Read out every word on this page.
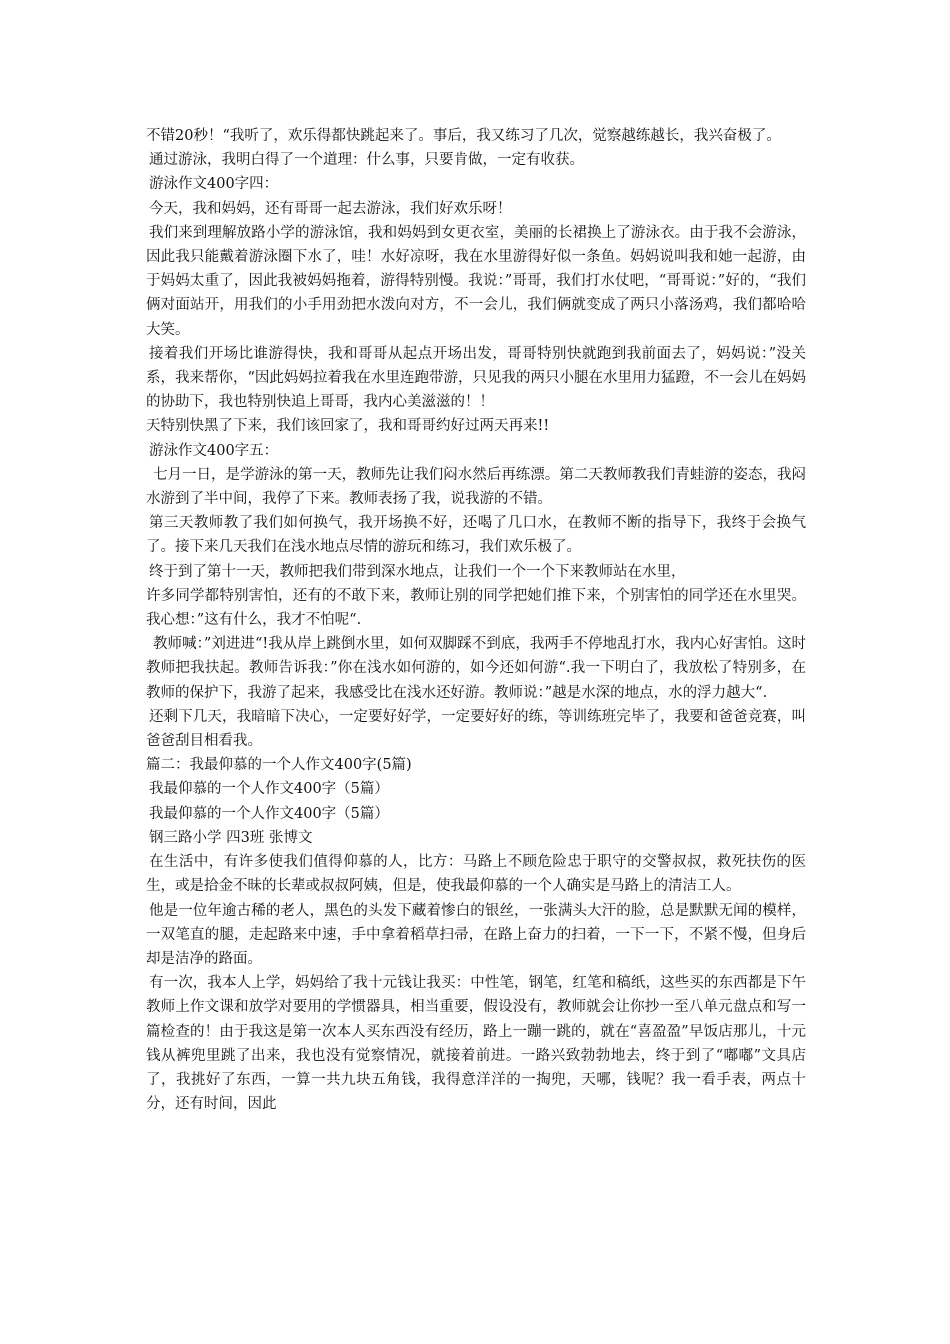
不错20秒！“我听了，欢乐得都快跳起来了。事后，我又练习了几次，觉察越练越长，我兴奋极了。

通过游泳，我明白得了一个道理：什么事，只要肯做，一定有收获。

游泳作文400字四：

今天，我和妈妈，还有哥哥一起去游泳，我们好欢乐呀！

我们来到理解放路小学的游泳馆，我和妈妈到女更衣室，美丽的长裙换上了游泳衣。由于我不会游泳，因此我只能戴着游泳圈下水了，哇！水好凉呀，我在水里游得好似一条鱼。妈妈说叫我和她一起游，由于妈妈太重了，因此我被妈妈拖着，游得特别慢。我说：”哥哥，我们打水仗吧，“哥哥说：”好的，“我们俩对面站开，用我们的小手用劲把水泼向对方，不一会儿，我们俩就变成了两只小落汤鸡，我们都哈哈大笑。

接着我们开场比谁游得快，我和哥哥从起点开场出发，哥哥特别快就跑到我前面去了，妈妈说：”没关系，我来帮你，“因此妈妈拉着我在水里连跑带游，只见我的两只小腿在水里用力猛蹬，不一会儿在妈妈的协助下，我也特别快追上哥哥，我内心美滋滋的！！

天特别快黑了下来，我们该回家了，我和哥哥约好过两天再来!!

游泳作文400字五：

七月一日，是学游泳的第一天，教师先让我们闷水然后再练漂。第二天教师教我们青蛙游的姿态，我闷水游到了半中间，我停了下来。教师表扬了我，说我游的不错。

第三天教师教了我们如何换气，我开场换不好，还喝了几口水，在教师不断的指导下，我终于会换气了。接下来几天我们在浅水地点尽情的游玩和练习，我们欢乐极了。

终于到了第十一天，教师把我们带到深水地点，让我们一个一个下来教师站在水里，

许多同学都特别害怕，还有的不敢下来，教师让别的同学把她们推下来，个别害怕的同学还在水里哭。我心想：”这有什么，我才不怕呢“.

教师喊：”刘进进“!我从岸上跳倒水里，如何双脚踩不到底，我两手不停地乱打水，我内心好害怕。这时教师把我扶起。教师告诉我：”你在浅水如何游的，如今还如何游“.我一下明白了，我放松了特别多，在教师的保护下，我游了起来，我感受比在浅水还好游。教师说：”越是水深的地点，水的浮力越大“.

还剩下几天，我暗暗下决心，一定要好好学，一定要好好的练，等训练班完毕了，我要和爸爸竞赛，叫爸爸刮目相看我。

篇二：我最仰慕的一个人作文400字(5篇)

我最仰慕的一个人作文400字（5篇）

我最仰慕的一个人作文400字（5篇）

钢三路小学 四3班 张博文

在生活中，有许多使我们值得仰慕的人，比方：马路上不顾危险忠于职守的交警叔叔，救死扶伤的医生，或是拾金不昧的长辈或叔叔阿姨，但是，使我最仰慕的一个人确实是马路上的清洁工人。

他是一位年逾古稀的老人，黑色的头发下藏着惨白的银丝，一张满头大汗的脸，总是默默无闻的模样，一双笔直的腿，走起路来中速，手中拿着稻草扫帚，在路上奋力的扫着，一下一下，不紧不慢，但身后却是洁净的路面。

有一次，我本人上学，妈妈给了我十元钱让我买：中性笔，钢笔，红笔和稿纸，这些买的东西都是下午教师上作文课和放学对要用的学惯器具，相当重要，假设没有，教师就会让你抄一至八单元盘点和写一篇检查的！由于我这是第一次本人买东西没有经历，路上一蹦一跳的，就在“喜盈盈”早饭店那儿，十元钱从裤兜里跳了出来，我也没有觉察情况，就接着前进。一路兴致勃勃地去，终于到了“嘟嘟”文具店了，我挑好了东西，一算一共九块五角钱，我得意洋洋的一掏兜，天哪，钱呢？我一看手表，两点十分，还有时间，因此
